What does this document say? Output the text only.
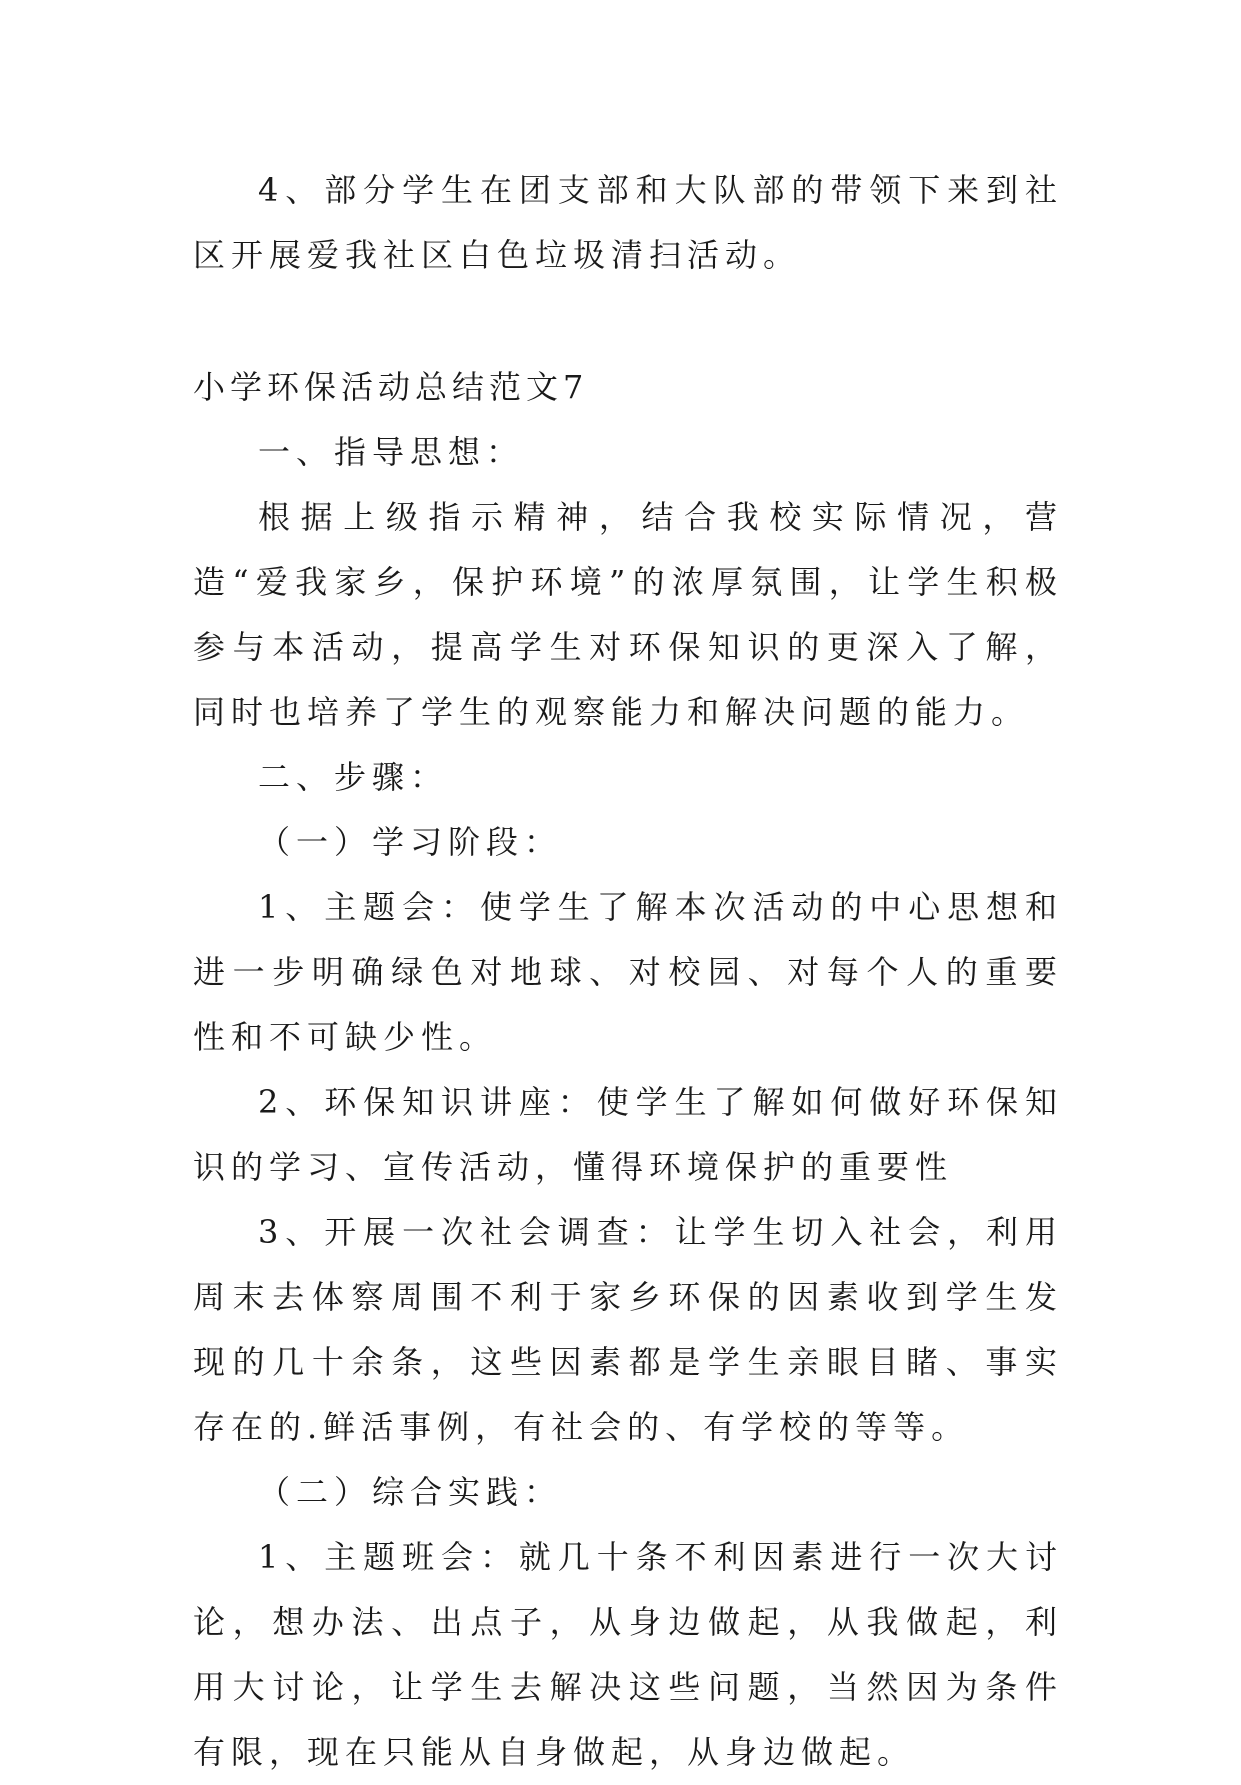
4、部分学生在团支部和大队部的带领下来到社区开展爱我社区白色垃圾清扫活动。

小学环保活动总结范文7

一、指导思想：

根据上级指示精神，结合我校实际情况，营造“爱我家乡，保护环境”的浓厚氛围，让学生积极参与本活动，提高学生对环保知识的更深入了解，同时也培养了学生的观察能力和解决问题的能力。

二、步骤：

（一）学习阶段：

1、主题会：使学生了解本次活动的中心思想和进一步明确绿色对地球、对校园、对每个人的重要性和不可缺少性。

2、环保知识讲座：使学生了解如何做好环保知识的学习、宣传活动，懂得环境保护的重要性

3、开展一次社会调查：让学生切入社会，利用周末去体察周围不利于家乡环保的因素收到学生发现的几十余条，这些因素都是学生亲眼目睹、事实存在的.鲜活事例，有社会的、有学校的等等。

（二）综合实践：

1、主题班会：就几十条不利因素进行一次大讨论，想办法、出点子，从身边做起，从我做起，利用大讨论，让学生去解决这些问题，当然因为条件有限，现在只能从自身做起，从身边做起。
